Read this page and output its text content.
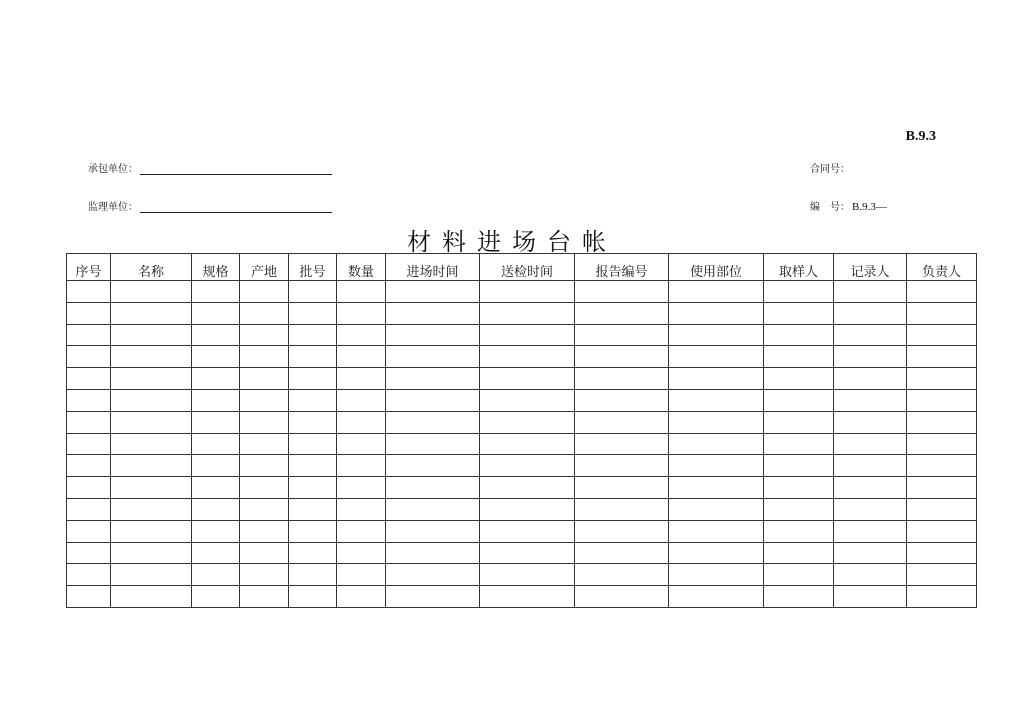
B.9.3
承包单位：
监理单位：
合同号：
编　号： B.9.3—
材料进场台帐
序号	名称	规格	产地	批号	数量	进场时间	送检时间	报告编号	使用部位	取样人	记录人	负责人
